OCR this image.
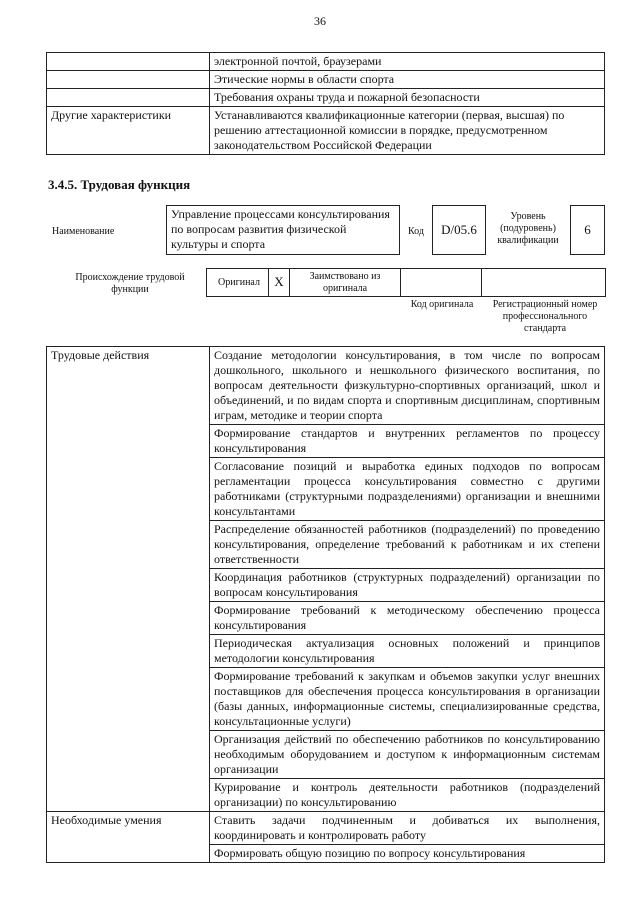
36
	электронной почтой, браузерами
	Этические нормы в области спорта
	Требования охраны труда и пожарной безопасности
Другие характеристики	Устанавливаются квалификационные категории (первая, высшая) по решению аттестационной комиссии в порядке, предусмотренном законодательством Российской Федерации
3.4.5. Трудовая функция
Наименование
Управление процессами консультирования по вопросам развития физической культуры и спорта
Код	D/05.6
Уровень (подуровень) квалификации
6
Происхождение трудовой функции
Оригинал	X	Заимствовано из оригинала
Код оригинала	Регистрационный номер профессионального стандарта
Трудовые действия	Создание методологии консультирования, в том числе по вопросам дошкольного, школьного и нешкольного физического воспитания, по вопросам деятельности физкультурно-спортивных организаций, школ и объединений, и по видам спорта и спортивным дисциплинам, спортивным играм, методике и теории спорта
	Формирование стандартов и внутренних регламентов по процессу консультирования
	Согласование позиций и выработка единых подходов по вопросам регламентации процесса консультирования совместно с другими работниками (структурными подразделениями) организации и внешними консультантами
	Распределение обязанностей работников (подразделений) по проведению консультирования, определение требований к работникам и их степени ответственности
	Координация работников (структурных подразделений) организации по вопросам консультирования
	Формирование требований к методическому обеспечению процесса консультирования
	Периодическая актуализация основных положений и принципов методологии консультирования
	Формирование требований к закупкам и объемов закупки услуг внешних поставщиков для обеспечения процесса консультирования в организации (базы данных, информационные системы, специализированные средства, консультационные услуги)
	Организация действий по обеспечению работников по консультированию необходимым оборудованием и доступом к информационным системам организации
	Курирование и контроль деятельности работников (подразделений организации) по консультированию
Необходимые умения	Ставить задачи подчиненным и добиваться их выполнения, координировать и контролировать работу
	Формировать общую позицию по вопросу консультирования
